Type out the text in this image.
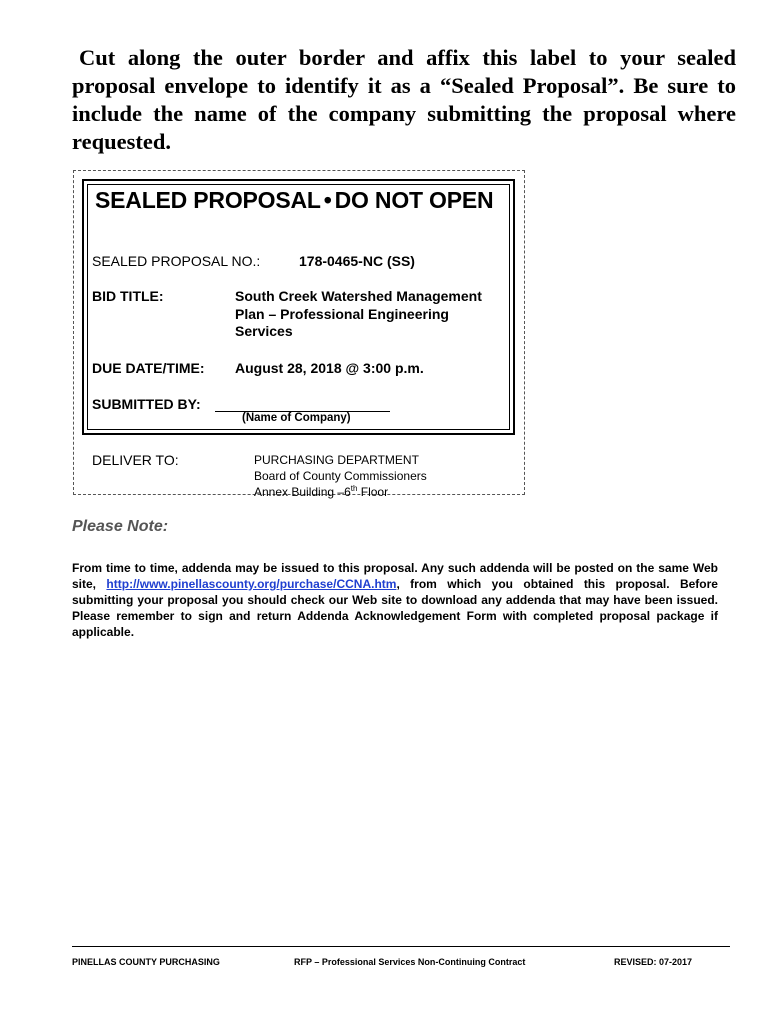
Cut along the outer border and affix this label to your sealed proposal envelope to identify it as a “Sealed Proposal”. Be sure to include the name of the company submitting the proposal where requested.

SEALED PROPOSAL • DO NOT OPEN
SEALED PROPOSAL NO.:	178-0465-NC (SS)
BID TITLE:	South Creek Watershed Management Plan – Professional Engineering Services
DUE DATE/TIME: August 28, 2018 @ 3:00 p.m.
SUBMITTED BY:
(Name of Company)
DELIVER TO:	PURCHASING DEPARTMENT
Board of County Commissioners
Annex Building –6th Floor
Please Note:

From time to time, addenda may be issued to this proposal. Any such addenda will be posted on the same Web site, http://www.pinellascounty.org/purchase/CCNA.htm, from which you obtained this proposal. Before submitting your proposal you should check our Web site to download any addenda that may have been issued. Please remember to sign and return Addenda Acknowledgement Form with completed proposal package if applicable.

PINELLAS COUNTY PURCHASING	RFP – Professional Services Non-Continuing Contract	REVISED: 07-2017
